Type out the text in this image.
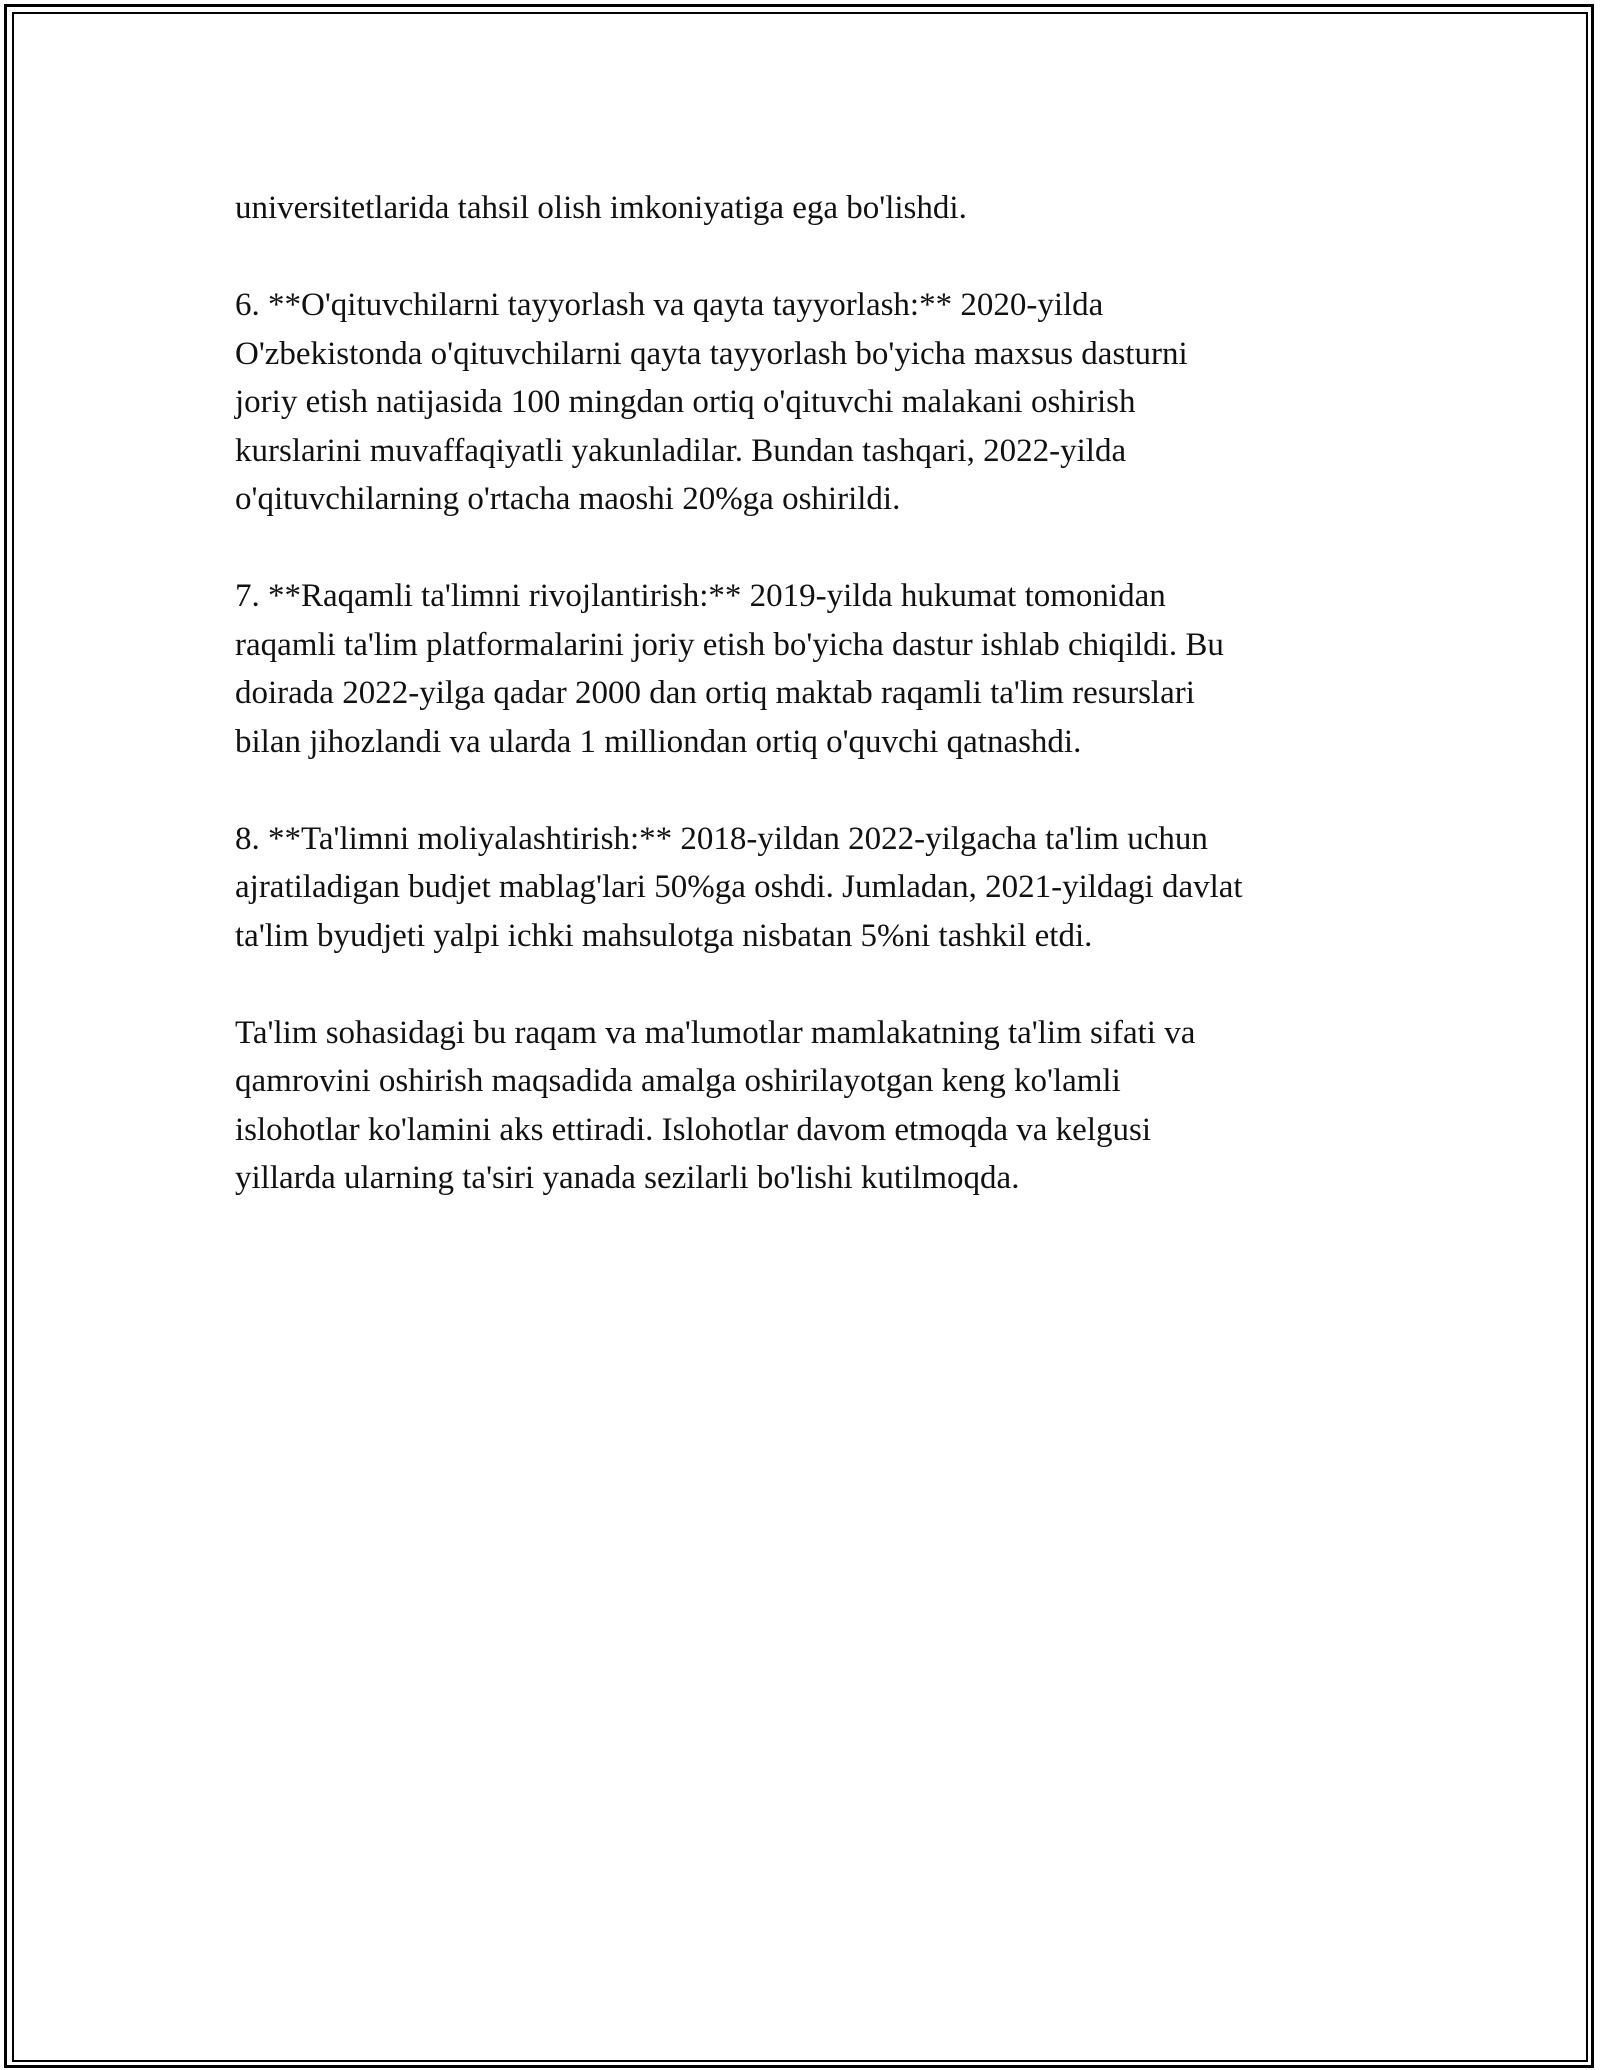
universitetlarida tahsil olish imkoniyatiga ega bo'lishdi.

6. **O'qituvchilarni tayyorlash va qayta tayyorlash:** 2020-yilda
O'zbekistonda o'qituvchilarni qayta tayyorlash bo'yicha maxsus dasturni
joriy etish natijasida 100 mingdan ortiq o'qituvchi malakani oshirish
kurslarini muvaffaqiyatli yakunladilar. Bundan tashqari, 2022-yilda
o'qituvchilarning o'rtacha maoshi 20%ga oshirildi.

7. **Raqamli ta'limni rivojlantirish:** 2019-yilda hukumat tomonidan
raqamli ta'lim platformalarini joriy etish bo'yicha dastur ishlab chiqildi. Bu
doirada 2022-yilga qadar 2000 dan ortiq maktab raqamli ta'lim resurslari
bilan jihozlandi va ularda 1 milliondan ortiq o'quvchi qatnashdi.

8. **Ta'limni moliyalashtirish:** 2018-yildan 2022-yilgacha ta'lim uchun
ajratiladigan budjet mablag'lari 50%ga oshdi. Jumladan, 2021-yildagi davlat
ta'lim byudjeti yalpi ichki mahsulotga nisbatan 5%ni tashkil etdi.

Ta'lim sohasidagi bu raqam va ma'lumotlar mamlakatning ta'lim sifati va
qamrovini oshirish maqsadida amalga oshirilayotgan keng ko'lamli
islohotlar ko'lamini aks ettiradi. Islohotlar davom etmoqda va kelgusi
yillarda ularning ta'siri yanada sezilarli bo'lishi kutilmoqda.
